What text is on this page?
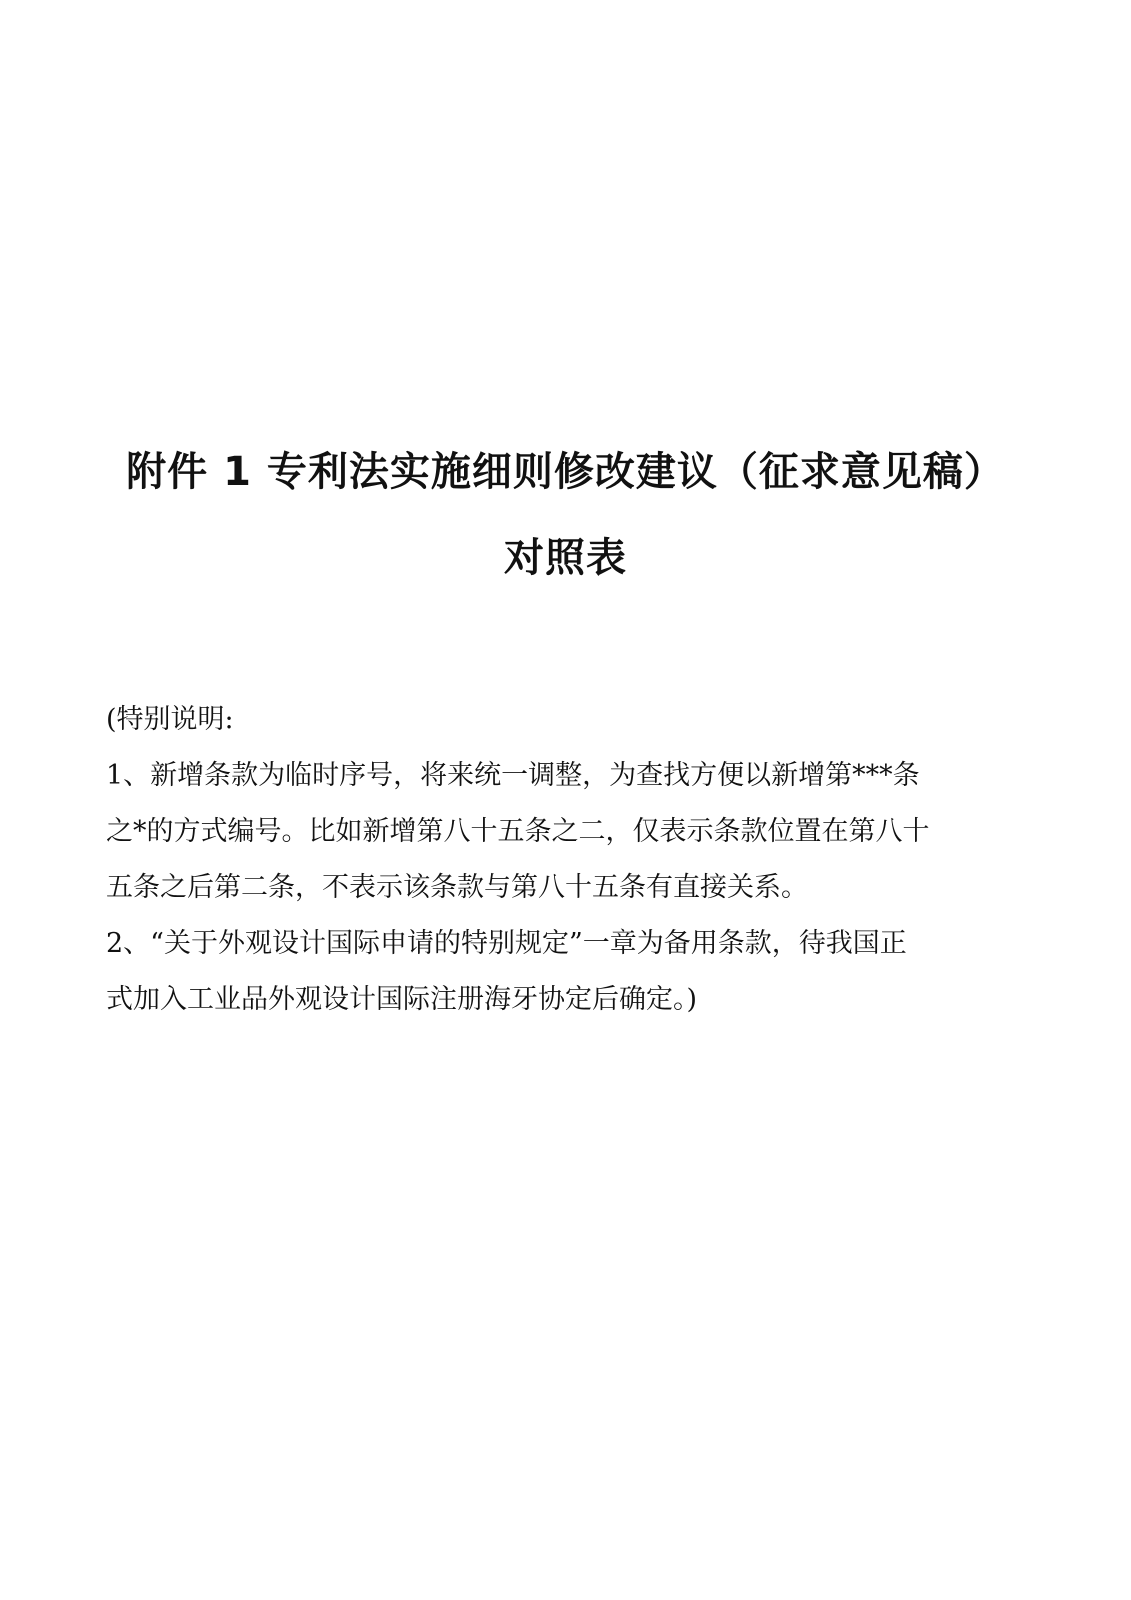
附件 1 专利法实施细则修改建议（征求意见稿）
对照表
(特别说明:
1、新增条款为临时序号，将来统一调整，为查找方便以新增第***条
之*的方式编号。比如新增第八十五条之二，仅表示条款位置在第八十
五条之后第二条，不表示该条款与第八十五条有直接关系。
2、“关于外观设计国际申请的特别规定”一章为备用条款，待我国正
式加入工业品外观设计国际注册海牙协定后确定。)
